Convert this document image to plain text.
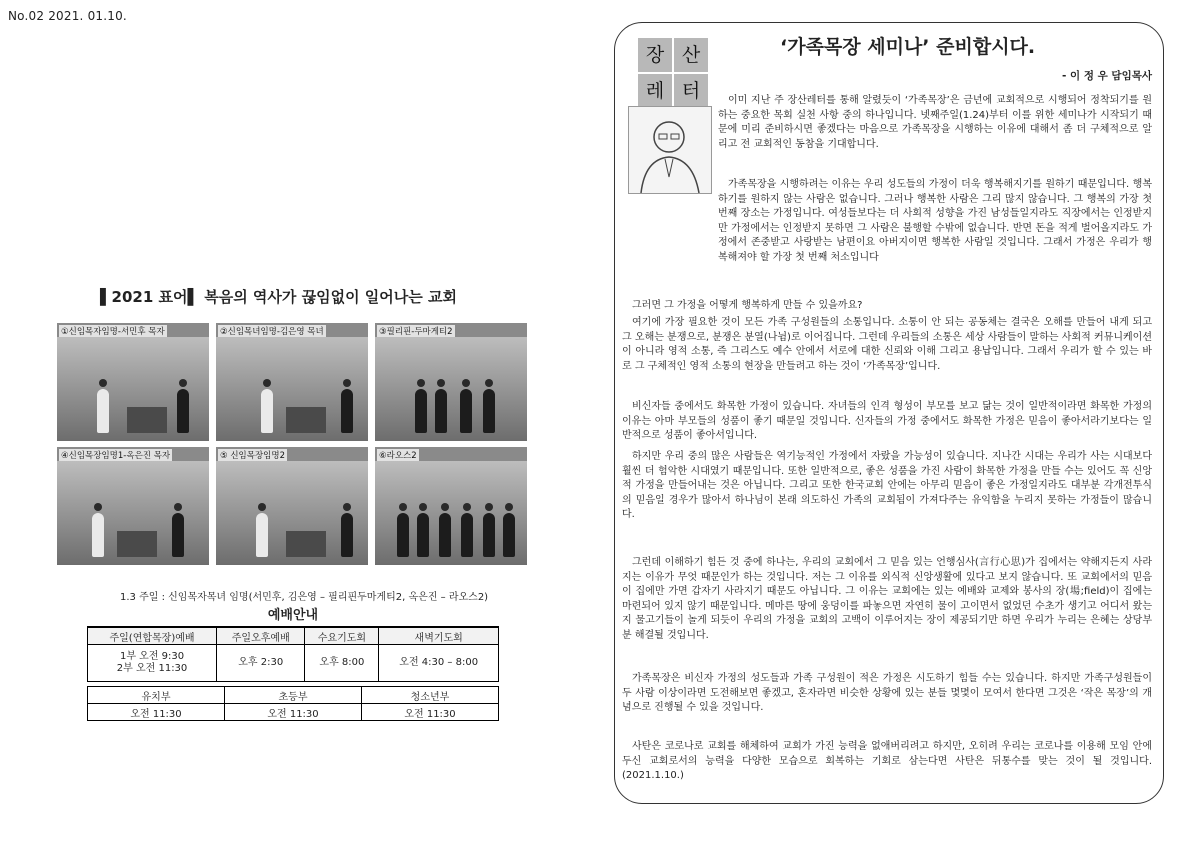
No.02 2021. 01.10.
▌2021 표어▌ 복음의 역사가 끊임없이 일어나는 교회
①신임목자임명-서민후 목자	②신임목녀임명-김은영 목녀	③필리핀-두마게티2
④신임목장임명1-옥은진 목자	⑤ 신임목장임명2	⑥라오스2
1.3 주일 : 신임목자목녀 임명(서민후, 김은영 – 필리핀두마게티2, 옥은진 – 라오스2)
예배안내
주일(연합목장)예배	주일오후예배	수요기도회	새벽기도회
1부 오전 9:30
2부 오전 11:30	오후 2:30	오후 8:00	오전 4:30 – 8:00
유치부	초등부	청소년부
오전 11:30	오전 11:30	오전 11:30
장 산
레 터
‘가족목장 세미나’ 준비합시다.
- 이 정 우 담임목사

이미 지난 주 장산레터를 통해 알렸듯이 ‘가족목장’은 금년에 교회적으로 시행되어 정착되기를 원하는 중요한 목회 실천 사항 중의 하나입니다. 넷째주일(1.24)부터 이를 위한 세미나가 시작되기 때문에 미리 준비하시면 좋겠다는 마음으로 가족목장을 시행하는 이유에 대해서 좀 더 구체적으로 알리고 전 교회적인 동참을 기대합니다.

가족목장을 시행하려는 이유는 우리 성도들의 가정이 더욱 행복해지기를 원하기 때문입니다. 행복하기를 원하지 않는 사람은 없습니다. 그러나 행복한 사람은 그리 많지 않습니다. 그 행복의 가장 첫 번째 장소는 가정입니다. 여성들보다는 더 사회적 성향을 가진 남성들일지라도 직장에서는 인정받지만 가정에서는 인정받지 못하면 그 사람은 불행할 수밖에 없습니다. 반면 돈을 적게 벌어올지라도 가정에서 존중받고 사랑받는 남편이요 아버지이면 행복한 사람일 것입니다. 그래서 가정은 우리가 행복해져야 할 가장 첫 번째 처소입니다

그러면 그 가정을 어떻게 행복하게 만들 수 있을까요?

여기에 가장 필요한 것이 모든 가족 구성원들의 소통입니다. 소통이 안 되는 공동체는 결국은 오해를 만들어 내게 되고 그 오해는 분쟁으로, 분쟁은 분열(나뉨)로 이어집니다. 그런데 우리들의 소통은 세상 사람들이 말하는 사회적 커뮤니케이션이 아니라 영적 소통, 즉 그리스도 예수 안에서 서로에 대한 신뢰와 이해 그리고 용납입니다. 그래서 우리가 할 수 있는 바로 그 구체적인 영적 소통의 현장을 만들려고 하는 것이 ‘가족목장’입니다.

비신자들 중에서도 화목한 가정이 있습니다. 자녀들의 인격 형성이 부모를 보고 닮는 것이 일반적이라면 화목한 가정의 이유는 아마 부모들의 성품이 좋기 때문일 것입니다. 신자들의 가정 중에서도 화목한 가정은 믿음이 좋아서라기보다는 일반적으로 성품이 좋아서입니다.

하지만 우리 중의 많은 사람들은 역기능적인 가정에서 자랐을 가능성이 있습니다. 지나간 시대는 우리가 사는 시대보다 훨씬 더 험악한 시대였기 때문입니다. 또한 일반적으로, 좋은 성품을 가진 사람이 화목한 가정을 만들 수는 있어도 꼭 신앙적 가정을 만들어내는 것은 아닙니다. 그리고 또한 한국교회 안에는 아무리 믿음이 좋은 가정일지라도 대부분 각개전투식의 믿음일 경우가 많아서 하나님이 본래 의도하신 가족의 교회됨이 가져다주는 유익함을 누리지 못하는 가정들이 많습니다.

그런데 이해하기 힘든 것 중에 하나는, 우리의 교회에서 그 믿음 있는 언행심사(言行心思)가 집에서는 약해지든지 사라지는 이유가 무엇 때문인가 하는 것입니다. 저는 그 이유를 외식적 신앙생활에 있다고 보지 않습니다. 또 교회에서의 믿음이 집에만 가면 갑자기 사라지기 때문도 아닙니다. 그 이유는 교회에는 있는 예배와 교제와 봉사의 장(場;field)이 집에는 마련되어 있지 않기 때문입니다. 메마른 땅에 웅덩이를 파놓으면 자연히 물이 고이면서 없었던 수초가 생기고 어디서 왔는지 물고기들이 놀게 되듯이 우리의 가정을 교회의 고백이 이루어지는 장이 제공되기만 하면 우리가 누리는 은혜는 상당부분 해결될 것입니다.

가족목장은 비신자 가정의 성도들과 가족 구성원이 적은 가정은 시도하기 힘들 수는 있습니다. 하지만 가족구성원들이 두 사람 이상이라면 도전해보면 좋겠고, 혼자라면 비슷한 상황에 있는 분들 몇몇이 모여서 한다면 그것은 ‘작은 목장’의 개념으로 진행될 수 있을 것입니다.

사탄은 코로나로 교회를 해체하여 교회가 가진 능력을 없애버리려고 하지만, 오히려 우리는 코로나를 이용해 모임 안에 두신 교회로서의 능력을 다양한 모습으로 회복하는 기회로 삼는다면 사탄은 뒤통수를 맞는 것이 될 것입니다.(2021.1.10.)
